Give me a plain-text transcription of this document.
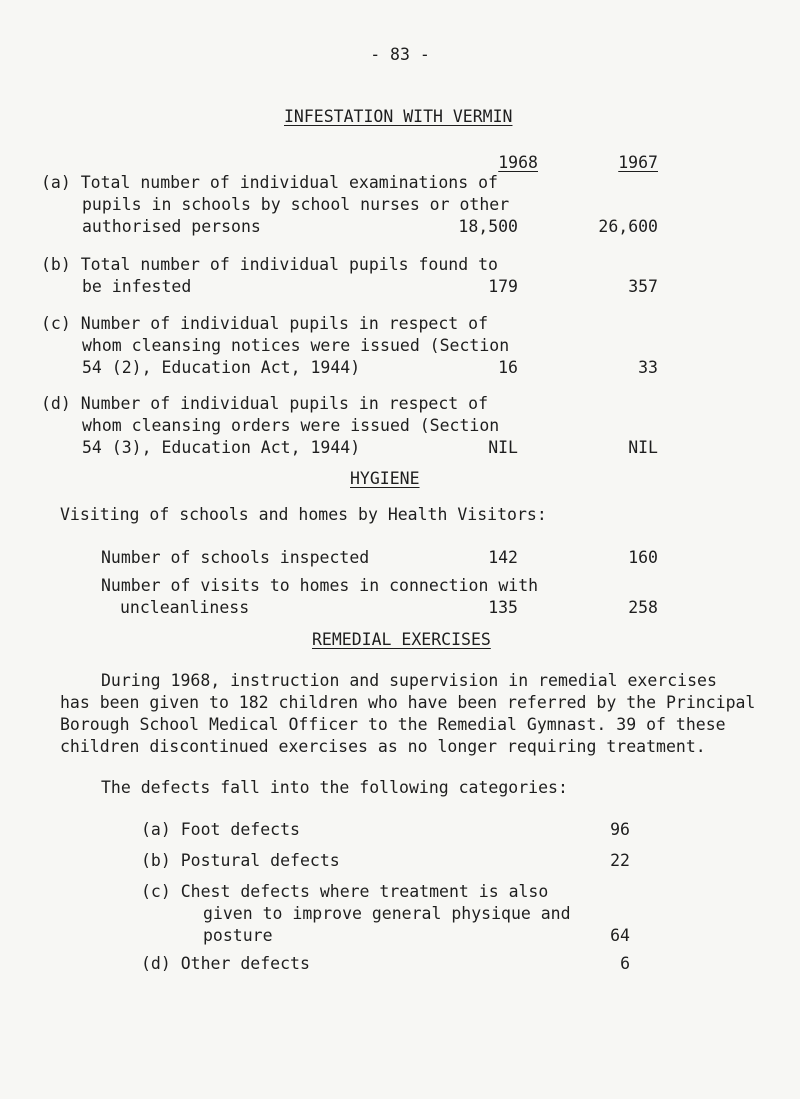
- 83 -
INFESTATION WITH VERMIN
1968	1967
(a) Total number of individual examinations of
pupils in schools by school nurses or other
authorised persons	18,500	26,600
(b) Total number of individual pupils found to
be infested	179	357
(c) Number of individual pupils in respect of
whom cleansing notices were issued (Section
54 (2), Education Act, 1944)	16	33
(d) Number of individual pupils in respect of
whom cleansing orders were issued (Section
54 (3), Education Act, 1944)	NIL	NIL
HYGIENE
Visiting of schools and homes by Health Visitors:
Number of schools inspected	142	160
Number of visits to homes in connection with
uncleanliness	135	258
REMEDIAL EXERCISES
During 1968, instruction and supervision in remedial exercises
has been given to 182 children who have been referred by the Principal
Borough School Medical Officer to the Remedial Gymnast. 39 of these
children discontinued exercises as no longer requiring treatment.
The defects fall into the following categories:
(a) Foot defects	96
(b) Postural defects	22
(c) Chest defects where treatment is also
given to improve general physique and
posture	64
(d) Other defects	6
